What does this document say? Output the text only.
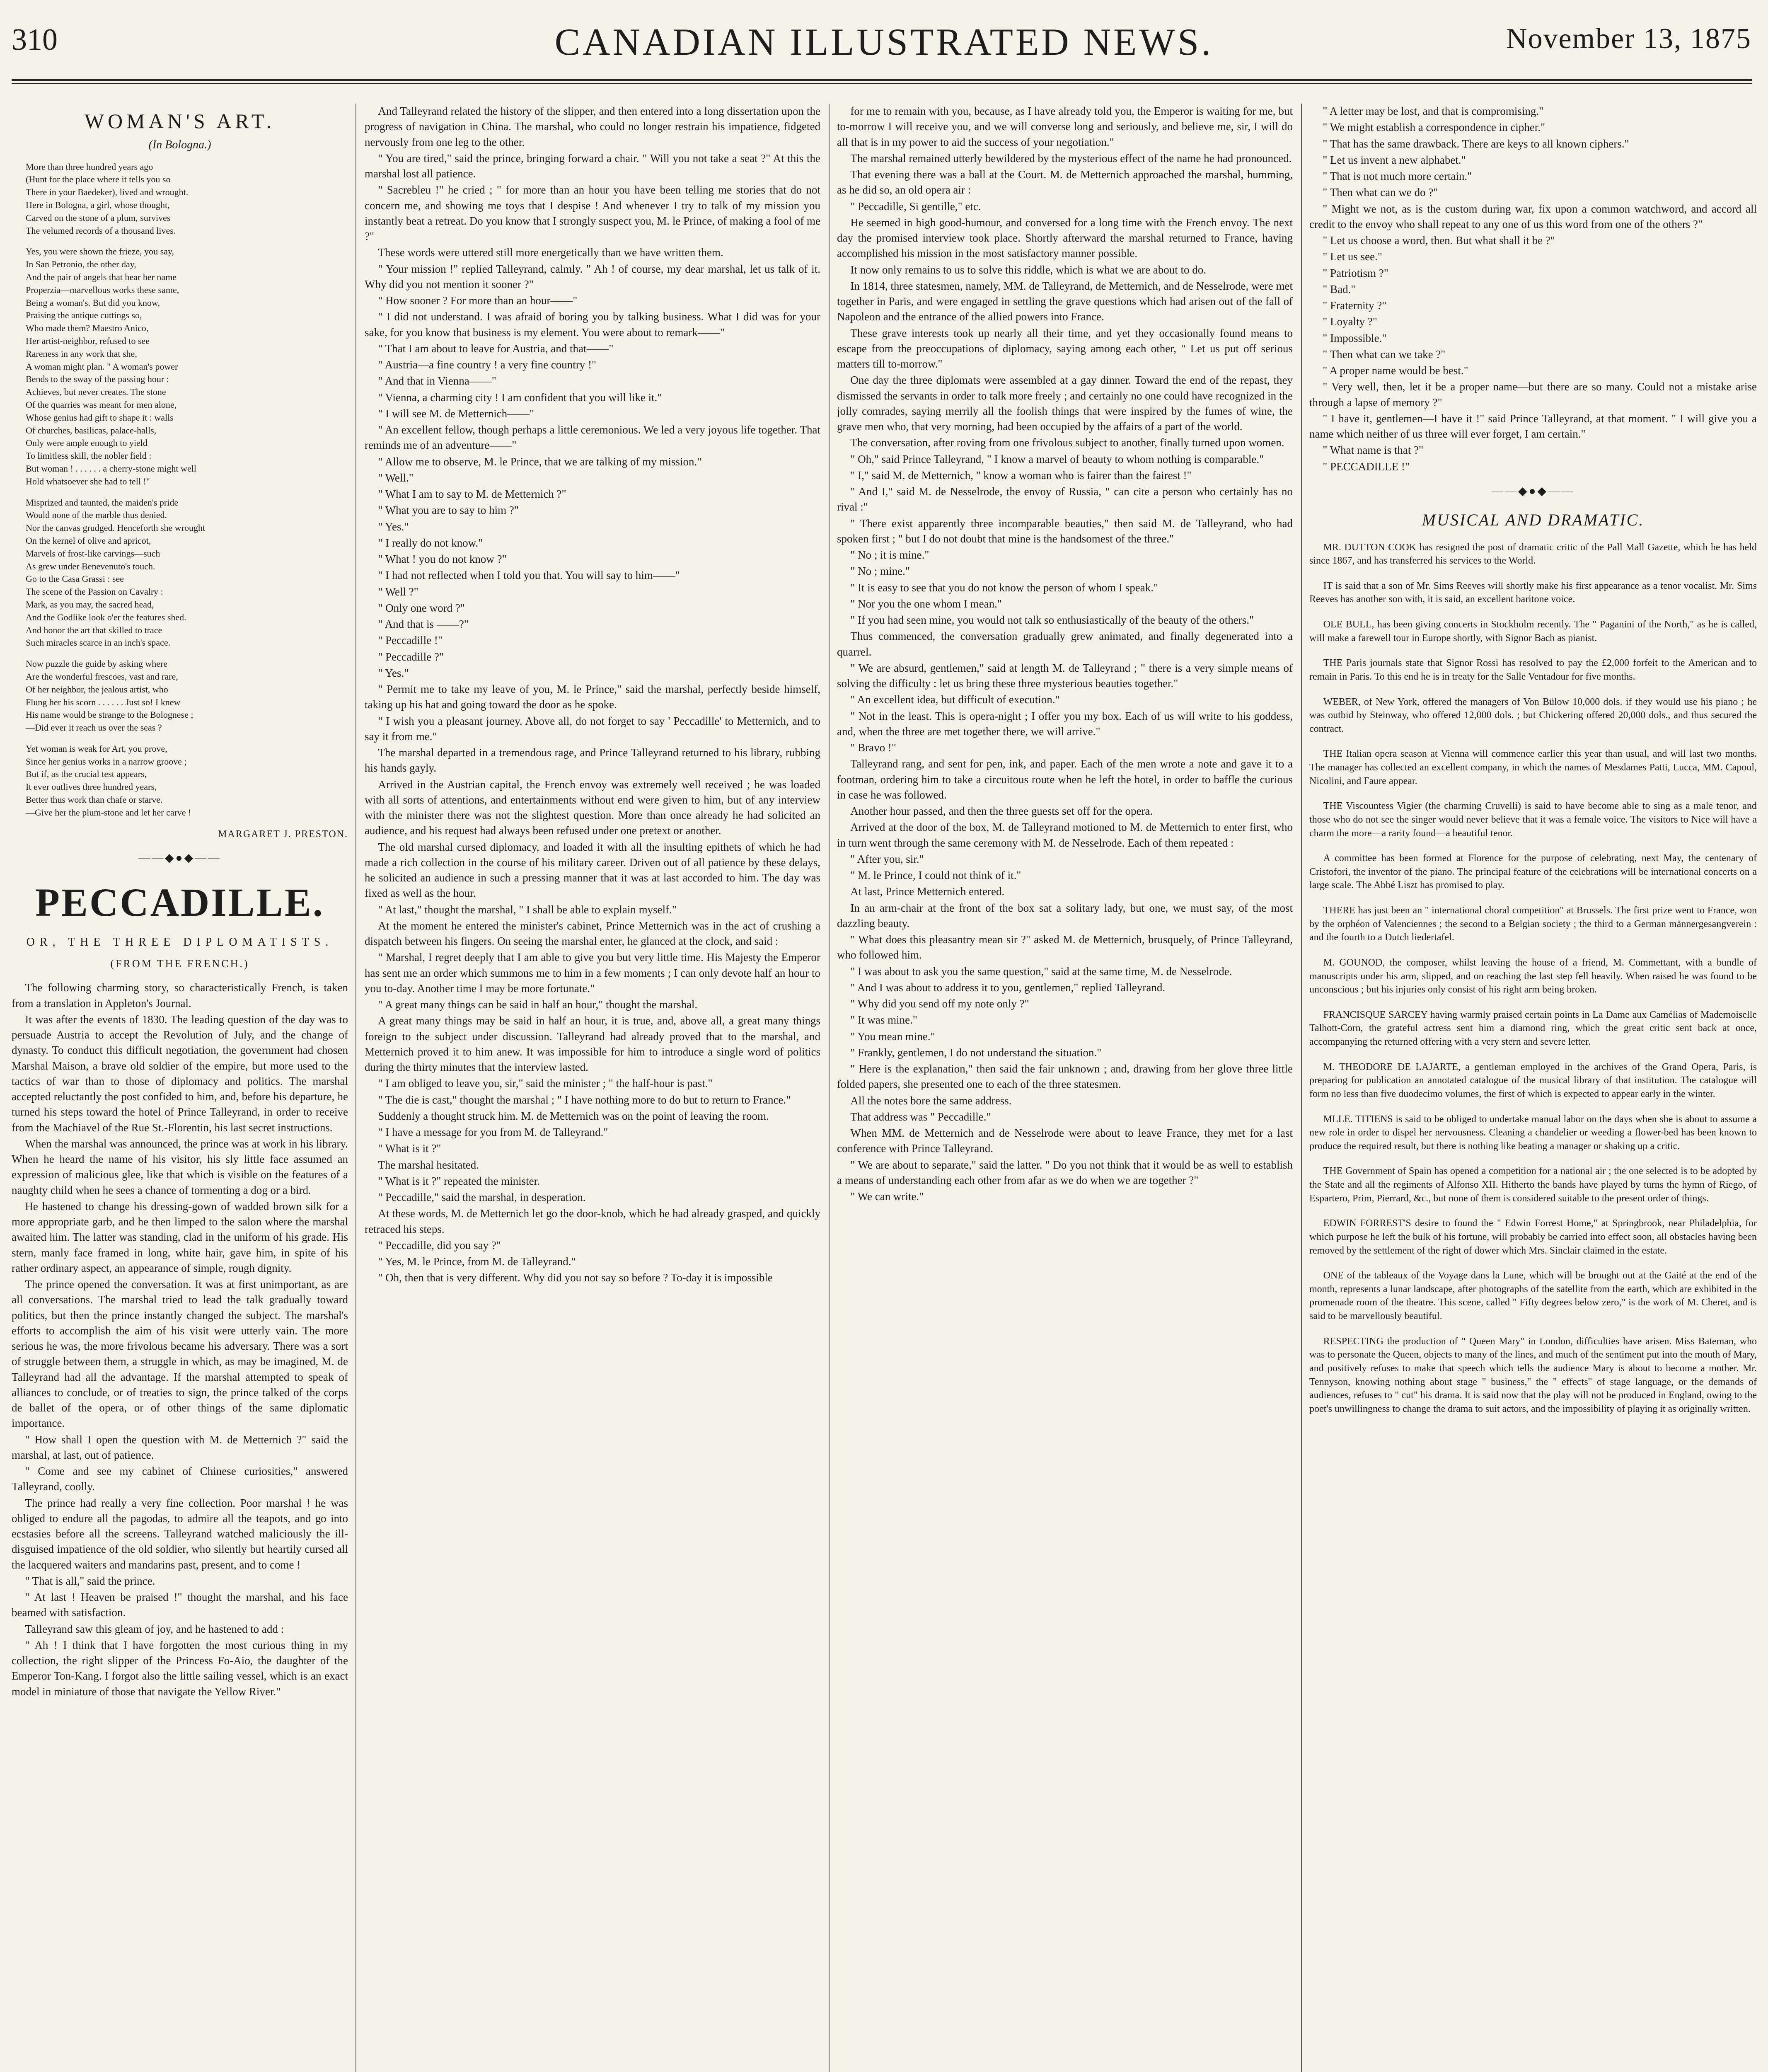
310	CANADIAN ILLUSTRATED NEWS.	November 13, 1875
WOMAN'S ART.
(In Bologna.)
More than three hundred years ago
(Hunt for the place where it tells you so
There in your Baedeker), lived and wrought.
Here in Bologna, a girl, whose thought,
Carved on the stone of a plum, survives
The velumed records of a thousand lives.
Yes, you were shown the frieze, you say,
In San Petronio, the other day,
And the pair of angels that bear her name
Properzia—marvellous works these same,
Being a woman's. But did you know,
Praising the antique cuttings so,
Who made them? Maestro Anico,
Her artist-neighbor, refused to see
Rareness in any work that she,
A woman might plan. " A woman's power
Bends to the sway of the passing hour :
Achieves, but never creates. The stone
Of the quarries was meant for men alone,
Whose genius had gift to shape it : walls
Of churches, basilicas, palace-halls,
Only were ample enough to yield
To limitless skill, the nobler field :
But woman ! . . . . . . a cherry-stone might well
Hold whatsoever she had to tell !"
Misprized and taunted, the maiden's pride
Would none of the marble thus denied.
Nor the canvas grudged. Henceforth she wrought
On the kernel of olive and apricot,
Marvels of frost-like carvings—such
As grew under Benevenuto's touch.
Go to the Casa Grassi : see
The scene of the Passion on Cavalry :
Mark, as you may, the sacred head,
And the Godlike look o'er the features shed.
And honor the art that skilled to trace
Such miracles scarce in an inch's space.
Now puzzle the guide by asking where
Are the wonderful frescoes, vast and rare,
Of her neighbor, the jealous artist, who
Flung her his scorn . . . . . . Just so! I knew
His name would be strange to the Bolognese ;
—Did ever it reach us over the seas ?
Yet woman is weak for Art, you prove,
Since her genius works in a narrow groove ;
But if, as the crucial test appears,
It ever outlives three hundred years,
Better thus work than chafe or starve.
—Give her the plum-stone and let her carve !
MARGARET J. PRESTON.
——◆●◆——
PECCADILLE.
OR, THE THREE DIPLOMATISTS.
(FROM THE FRENCH.)

The following charming story, so characteristically French, is taken from a translation in Appleton's Journal.

It was after the events of 1830. The leading question of the day was to persuade Austria to accept the Revolution of July, and the change of dynasty. To conduct this difficult negotiation, the government had chosen Marshal Maison, a brave old soldier of the empire, but more used to the tactics of war than to those of diplomacy and politics. The marshal accepted reluctantly the post confided to him, and, before his departure, he turned his steps toward the hotel of Prince Talleyrand, in order to receive from the Machiavel of the Rue St.-Florentin, his last secret instructions.

When the marshal was announced, the prince was at work in his library. When he heard the name of his visitor, his sly little face assumed an expression of malicious glee, like that which is visible on the features of a naughty child when he sees a chance of tormenting a dog or a bird.

He hastened to change his dressing-gown of wadded brown silk for a more appropriate garb, and he then limped to the salon where the marshal awaited him. The latter was standing, clad in the uniform of his grade. His stern, manly face framed in long, white hair, gave him, in spite of his rather ordinary aspect, an appearance of simple, rough dignity.

The prince opened the conversation. It was at first unimportant, as are all conversations. The marshal tried to lead the talk gradually toward politics, but then the prince instantly changed the subject. The marshal's efforts to accomplish the aim of his visit were utterly vain. The more serious he was, the more frivolous became his adversary. There was a sort of struggle between them, a struggle in which, as may be imagined, M. de Talleyrand had all the advantage. If the marshal attempted to speak of alliances to conclude, or of treaties to sign, the prince talked of the corps de ballet of the opera, or of other things of the same diplomatic importance.

" How shall I open the question with M. de Metternich ?" said the marshal, at last, out of patience.

" Come and see my cabinet of Chinese curiosities," answered Talleyrand, coolly.

The prince had really a very fine collection. Poor marshal ! he was obliged to endure all the pagodas, to admire all the teapots, and go into ecstasies before all the screens. Talleyrand watched maliciously the ill-disguised impatience of the old soldier, who silently but heartily cursed all the lacquered waiters and mandarins past, present, and to come !

" That is all," said the prince.

" At last ! Heaven be praised !" thought the marshal, and his face beamed with satisfaction.

Talleyrand saw this gleam of joy, and he hastened to add :

" Ah ! I think that I have forgotten the most curious thing in my collection, the right slipper of the Princess Fo-Aio, the daughter of the Emperor Ton-Kang. I forgot also the little sailing vessel, which is an exact model in miniature of those that navigate the Yellow River."

And Talleyrand related the history of the slipper, and then entered into a long dissertation upon the progress of navigation in China. The marshal, who could no longer restrain his impatience, fidgeted nervously from one leg to the other.

" You are tired," said the prince, bringing forward a chair. " Will you not take a seat ?" At this the marshal lost all patience.

" Sacrebleu !" he cried ; " for more than an hour you have been telling me stories that do not concern me, and showing me toys that I despise ! And whenever I try to talk of my mission you instantly beat a retreat. Do you know that I strongly suspect you, M. le Prince, of making a fool of me ?"

These words were uttered still more energetically than we have written them.

" Your mission !" replied Talleyrand, calmly. " Ah ! of course, my dear marshal, let us talk of it. Why did you not mention it sooner ?"

" How sooner ? For more than an hour——"

" I did not understand. I was afraid of boring you by talking business. What I did was for your sake, for you know that business is my element. You were about to remark——"

" That I am about to leave for Austria, and that——"

" Austria—a fine country ! a very fine country !"

" And that in Vienna——"

" Vienna, a charming city ! I am confident that you will like it."

" I will see M. de Metternich——"

" An excellent fellow, though perhaps a little ceremonious. We led a very joyous life together. That reminds me of an adventure——"

" Allow me to observe, M. le Prince, that we are talking of my mission."

" Well."

" What I am to say to M. de Metternich ?"

" What you are to say to him ?"

" Yes."

" I really do not know."

" What ! you do not know ?"

" I had not reflected when I told you that. You will say to him——"

" Well ?"

" Only one word ?"

" And that is ——?"

" Peccadille !"

" Peccadille ?"

" Yes."

" Permit me to take my leave of you, M. le Prince," said the marshal, perfectly beside himself, taking up his hat and going toward the door as he spoke.

" I wish you a pleasant journey. Above all, do not forget to say ' Peccadille' to Metternich, and to say it from me."

The marshal departed in a tremendous rage, and Prince Talleyrand returned to his library, rubbing his hands gayly.

Arrived in the Austrian capital, the French envoy was extremely well received ; he was loaded with all sorts of attentions, and entertainments without end were given to him, but of any interview with the minister there was not the slightest question. More than once already he had solicited an audience, and his request had always been refused under one pretext or another.

The old marshal cursed diplomacy, and loaded it with all the insulting epithets of which he had made a rich collection in the course of his military career. Driven out of all patience by these delays, he solicited an audience in such a pressing manner that it was at last accorded to him. The day was fixed as well as the hour.

" At last," thought the marshal, " I shall be able to explain myself."

At the moment he entered the minister's cabinet, Prince Metternich was in the act of crushing a dispatch between his fingers. On seeing the marshal enter, he glanced at the clock, and said :

" Marshal, I regret deeply that I am able to give you but very little time. His Majesty the Emperor has sent me an order which summons me to him in a few moments ; I can only devote half an hour to you to-day. Another time I may be more fortunate."

" A great many things can be said in half an hour," thought the marshal.

A great many things may be said in half an hour, it is true, and, above all, a great many things foreign to the subject under discussion. Talleyrand had already proved that to the marshal, and Metternich proved it to him anew. It was impossible for him to introduce a single word of politics during the thirty minutes that the interview lasted.

" I am obliged to leave you, sir," said the minister ; " the half-hour is past."

" The die is cast," thought the marshal ; " I have nothing more to do but to return to France."

Suddenly a thought struck him. M. de Metternich was on the point of leaving the room.

" I have a message for you from M. de Talleyrand."

" What is it ?"

The marshal hesitated.

" What is it ?" repeated the minister.

" Peccadille," said the marshal, in desperation.

At these words, M. de Metternich let go the door-knob, which he had already grasped, and quickly retraced his steps.

" Peccadille, did you say ?"

" Yes, M. le Prince, from M. de Talleyrand."

" Oh, then that is very different. Why did you not say so before ? To-day it is impossible

for me to remain with you, because, as I have already told you, the Emperor is waiting for me, but to-morrow I will receive you, and we will converse long and seriously, and believe me, sir, I will do all that is in my power to aid the success of your negotiation."

The marshal remained utterly bewildered by the mysterious effect of the name he had pronounced.

That evening there was a ball at the Court. M. de Metternich approached the marshal, humming, as he did so, an old opera air :

" Peccadille, Si gentille," etc.

He seemed in high good-humour, and conversed for a long time with the French envoy. The next day the promised interview took place. Shortly afterward the marshal returned to France, having accomplished his mission in the most satisfactory manner possible.

It now only remains to us to solve this riddle, which is what we are about to do.

In 1814, three statesmen, namely, MM. de Talleyrand, de Metternich, and de Nesselrode, were met together in Paris, and were engaged in settling the grave questions which had arisen out of the fall of Napoleon and the entrance of the allied powers into France.

These grave interests took up nearly all their time, and yet they occasionally found means to escape from the preoccupations of diplomacy, saying among each other, " Let us put off serious matters till to-morrow."

One day the three diplomats were assembled at a gay dinner. Toward the end of the repast, they dismissed the servants in order to talk more freely ; and certainly no one could have recognized in the jolly comrades, saying merrily all the foolish things that were inspired by the fumes of wine, the grave men who, that very morning, had been occupied by the affairs of a part of the world.

The conversation, after roving from one frivolous subject to another, finally turned upon women.

" Oh," said Prince Talleyrand, " I know a marvel of beauty to whom nothing is comparable."

" I," said M. de Metternich, " know a woman who is fairer than the fairest !"

" And I," said M. de Nesselrode, the envoy of Russia, " can cite a person who certainly has no rival :"

" There exist apparently three incomparable beauties," then said M. de Talleyrand, who had spoken first ; " but I do not doubt that mine is the handsomest of the three."

" No ; it is mine."

" No ; mine."

" It is easy to see that you do not know the person of whom I speak."

" Nor you the one whom I mean."

" If you had seen mine, you would not talk so enthusiastically of the beauty of the others."

Thus commenced, the conversation gradually grew animated, and finally degenerated into a quarrel.

" We are absurd, gentlemen," said at length M. de Talleyrand ; " there is a very simple means of solving the difficulty : let us bring these three mysterious beauties together."

" An excellent idea, but difficult of execution."

" Not in the least. This is opera-night ; I offer you my box. Each of us will write to his goddess, and, when the three are met together there, we will arrive."

" Bravo !"

Talleyrand rang, and sent for pen, ink, and paper. Each of the men wrote a note and gave it to a footman, ordering him to take a circuitous route when he left the hotel, in order to baffle the curious in case he was followed.

Another hour passed, and then the three guests set off for the opera.

Arrived at the door of the box, M. de Talleyrand motioned to M. de Metternich to enter first, who in turn went through the same ceremony with M. de Nesselrode. Each of them repeated :

" After you, sir."

" M. le Prince, I could not think of it."

At last, Prince Metternich entered.

In an arm-chair at the front of the box sat a solitary lady, but one, we must say, of the most dazzling beauty.

" What does this pleasantry mean sir ?" asked M. de Metternich, brusquely, of Prince Talleyrand, who followed him.

" I was about to ask you the same question," said at the same time, M. de Nesselrode.

" And I was about to address it to you, gentlemen," replied Talleyrand.

" Why did you send off my note only ?"

" It was mine."

" You mean mine."

" Frankly, gentlemen, I do not understand the situation."

" Here is the explanation," then said the fair unknown ; and, drawing from her glove three little folded papers, she presented one to each of the three statesmen.

All the notes bore the same address.

That address was " Peccadille."

When MM. de Metternich and de Nesselrode were about to leave France, they met for a last conference with Prince Talleyrand.

" We are about to separate," said the latter. " Do you not think that it would be as well to establish a means of understanding each other from afar as we do when we are together ?"

" We can write."

" A letter may be lost, and that is compromising."

" We might establish a correspondence in cipher."

" That has the same drawback. There are keys to all known ciphers."

" Let us invent a new alphabet."

" That is not much more certain."

" Then what can we do ?"

" Might we not, as is the custom during war, fix upon a common watchword, and accord all credit to the envoy who shall repeat to any one of us this word from one of the others ?"

" Let us choose a word, then. But what shall it be ?"

" Let us see."

" Patriotism ?"

" Bad."

" Fraternity ?"

" Loyalty ?"

" Impossible."

" Then what can we take ?"

" A proper name would be best."

" Very well, then, let it be a proper name—but there are so many. Could not a mistake arise through a lapse of memory ?"

" I have it, gentlemen—I have it !" said Prince Talleyrand, at that moment. " I will give you a name which neither of us three will ever forget, I am certain."

" What name is that ?"

" PECCADILLE !"

——◆●◆——
MUSICAL AND DRAMATIC.
MR. DUTTON COOK has resigned the post of dramatic critic of the Pall Mall Gazette, which he has held since 1867, and has transferred his services to the World.
IT is said that a son of Mr. Sims Reeves will shortly make his first appearance as a tenor vocalist. Mr. Sims Reeves has another son with, it is said, an excellent baritone voice.
OLE BULL, has been giving concerts in Stockholm recently. The " Paganini of the North," as he is called, will make a farewell tour in Europe shortly, with Signor Bach as pianist.
THE Paris journals state that Signor Rossi has resolved to pay the £2,000 forfeit to the American and to remain in Paris. To this end he is in treaty for the Salle Ventadour for five months.
WEBER, of New York, offered the managers of Von Bülow 10,000 dols. if they would use his piano ; he was outbid by Steinway, who offered 12,000 dols. ; but Chickering offered 20,000 dols., and thus secured the contract.
THE Italian opera season at Vienna will commence earlier this year than usual, and will last two months. The manager has collected an excellent company, in which the names of Mesdames Patti, Lucca, MM. Capoul, Nicolini, and Faure appear.
THE Viscountess Vigier (the charming Cruvelli) is said to have become able to sing as a male tenor, and those who do not see the singer would never believe that it was a female voice. The visitors to Nice will have a charm the more—a rarity found—a beautiful tenor.
A committee has been formed at Florence for the purpose of celebrating, next May, the centenary of Cristofori, the inventor of the piano. The principal feature of the celebrations will be international concerts on a large scale. The Abbé Liszt has promised to play.
THERE has just been an " international choral competition" at Brussels. The first prize went to France, won by the orphéon of Valenciennes ; the second to a Belgian society ; the third to a German männergesangverein : and the fourth to a Dutch liedertafel.
M. GOUNOD, the composer, whilst leaving the house of a friend, M. Commettant, with a bundle of manuscripts under his arm, slipped, and on reaching the last step fell heavily. When raised he was found to be unconscious ; but his injuries only consist of his right arm being broken.
FRANCISQUE SARCEY having warmly praised certain points in La Dame aux Camélias of Mademoiselle Talhott-Corn, the grateful actress sent him a diamond ring, which the great critic sent back at once, accompanying the returned offering with a very stern and severe letter.
M. THEODORE DE LAJARTE, a gentleman employed in the archives of the Grand Opera, Paris, is preparing for publication an annotated catalogue of the musical library of that institution. The catalogue will form no less than five duodecimo volumes, the first of which is expected to appear early in the winter.
MLLE. TITIENS is said to be obliged to undertake manual labor on the days when she is about to assume a new role in order to dispel her nervousness. Cleaning a chandelier or weeding a flower-bed has been known to produce the required result, but there is nothing like beating a manager or shaking up a critic.
THE Government of Spain has opened a competition for a national air ; the one selected is to be adopted by the State and all the regiments of Alfonso XII. Hitherto the bands have played by turns the hymn of Riego, of Espartero, Prim, Pierrard, &c., but none of them is considered suitable to the present order of things.
EDWIN FORREST'S desire to found the " Edwin Forrest Home," at Springbrook, near Philadelphia, for which purpose he left the bulk of his fortune, will probably be carried into effect soon, all obstacles having been removed by the settlement of the right of dower which Mrs. Sinclair claimed in the estate.
ONE of the tableaux of the Voyage dans la Lune, which will be brought out at the Gaité at the end of the month, represents a lunar landscape, after photographs of the satellite from the earth, which are exhibited in the promenade room of the theatre. This scene, called " Fifty degrees below zero," is the work of M. Cheret, and is said to be marvellously beautiful.
RESPECTING the production of " Queen Mary" in London, difficulties have arisen. Miss Bateman, who was to personate the Queen, objects to many of the lines, and much of the sentiment put into the mouth of Mary, and positively refuses to make that speech which tells the audience Mary is about to become a mother. Mr. Tennyson, knowing nothing about stage " business," the " effects" of stage language, or the demands of audiences, refuses to " cut" his drama. It is said now that the play will not be produced in England, owing to the poet's unwillingness to change the drama to suit actors, and the impossibility of playing it as originally written.
